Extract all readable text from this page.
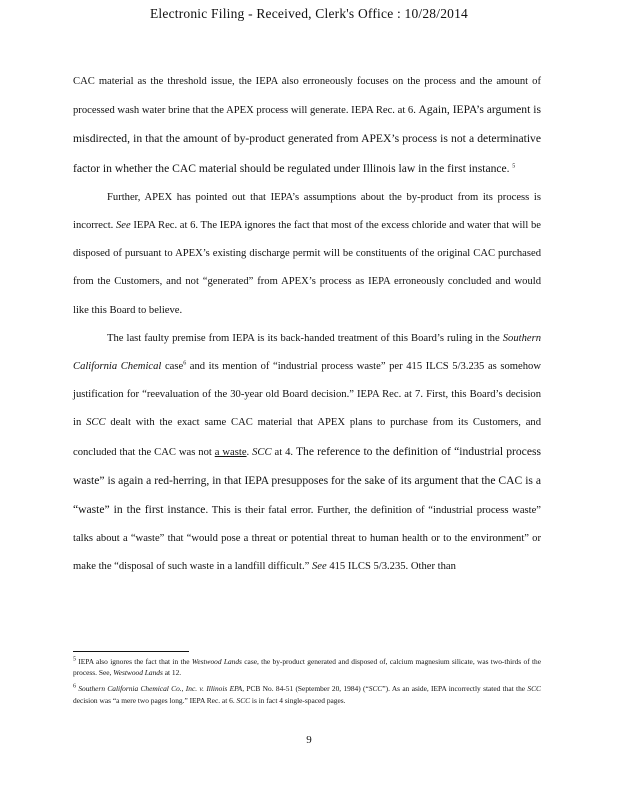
Electronic Filing - Received, Clerk's Office : 10/28/2014

CAC material as the threshold issue, the IEPA also erroneously focuses on the process and the amount of processed wash water brine that the APEX process will generate. IEPA Rec. at 6. Again, IEPA’s argument is misdirected, in that the amount of by-product generated from APEX’s process is not a determinative factor in whether the CAC material should be regulated under Illinois law in the first instance. $^5$

Further, APEX has pointed out that IEPA’s assumptions about the by-product from its process is incorrect. See IEPA Rec. at 6. The IEPA ignores the fact that most of the excess chloride and water that will be disposed of pursuant to APEX’s existing discharge permit will be constituents of the original CAC purchased from the Customers, and not “generated” from APEX’s process as IEPA erroneously concluded and would like this Board to believe.

The last faulty premise from IEPA is its back-handed treatment of this Board’s ruling in the Southern California Chemical case$^6$ and its mention of “industrial process waste” per 415 ILCS 5/3.235 as somehow justification for “reevaluation of the 30-year old Board decision.” IEPA Rec. at 7. First, this Board’s decision in SCC dealt with the exact same CAC material that APEX plans to purchase from its Customers, and concluded that the CAC was not a waste. SCC at 4. The reference to the definition of “industrial process waste” is again a red-herring, in that IEPA presupposes for the sake of its argument that the CAC is a “waste” in the first instance. This is their fatal error. Further, the definition of “industrial process waste” talks about a “waste” that “would pose a threat or potential threat to human health or to the environment” or make the “disposal of such waste in a landfill difficult.” See 415 ILCS 5/3.235. Other than

$^5$ IEPA also ignores the fact that in the Westwood Lands case, the by-product generated and disposed of, calcium magnesium silicate, was two-thirds of the process. See, Westwood Lands at 12.

$^6$ Southern California Chemical Co., Inc. v. Illinois EPA, PCB No. 84-51 (September 20, 1984) (“SCC”). As an aside, IEPA incorrectly stated that the SCC decision was “a mere two pages long.” IEPA Rec. at 6. SCC is in fact 4 single-spaced pages.

9
